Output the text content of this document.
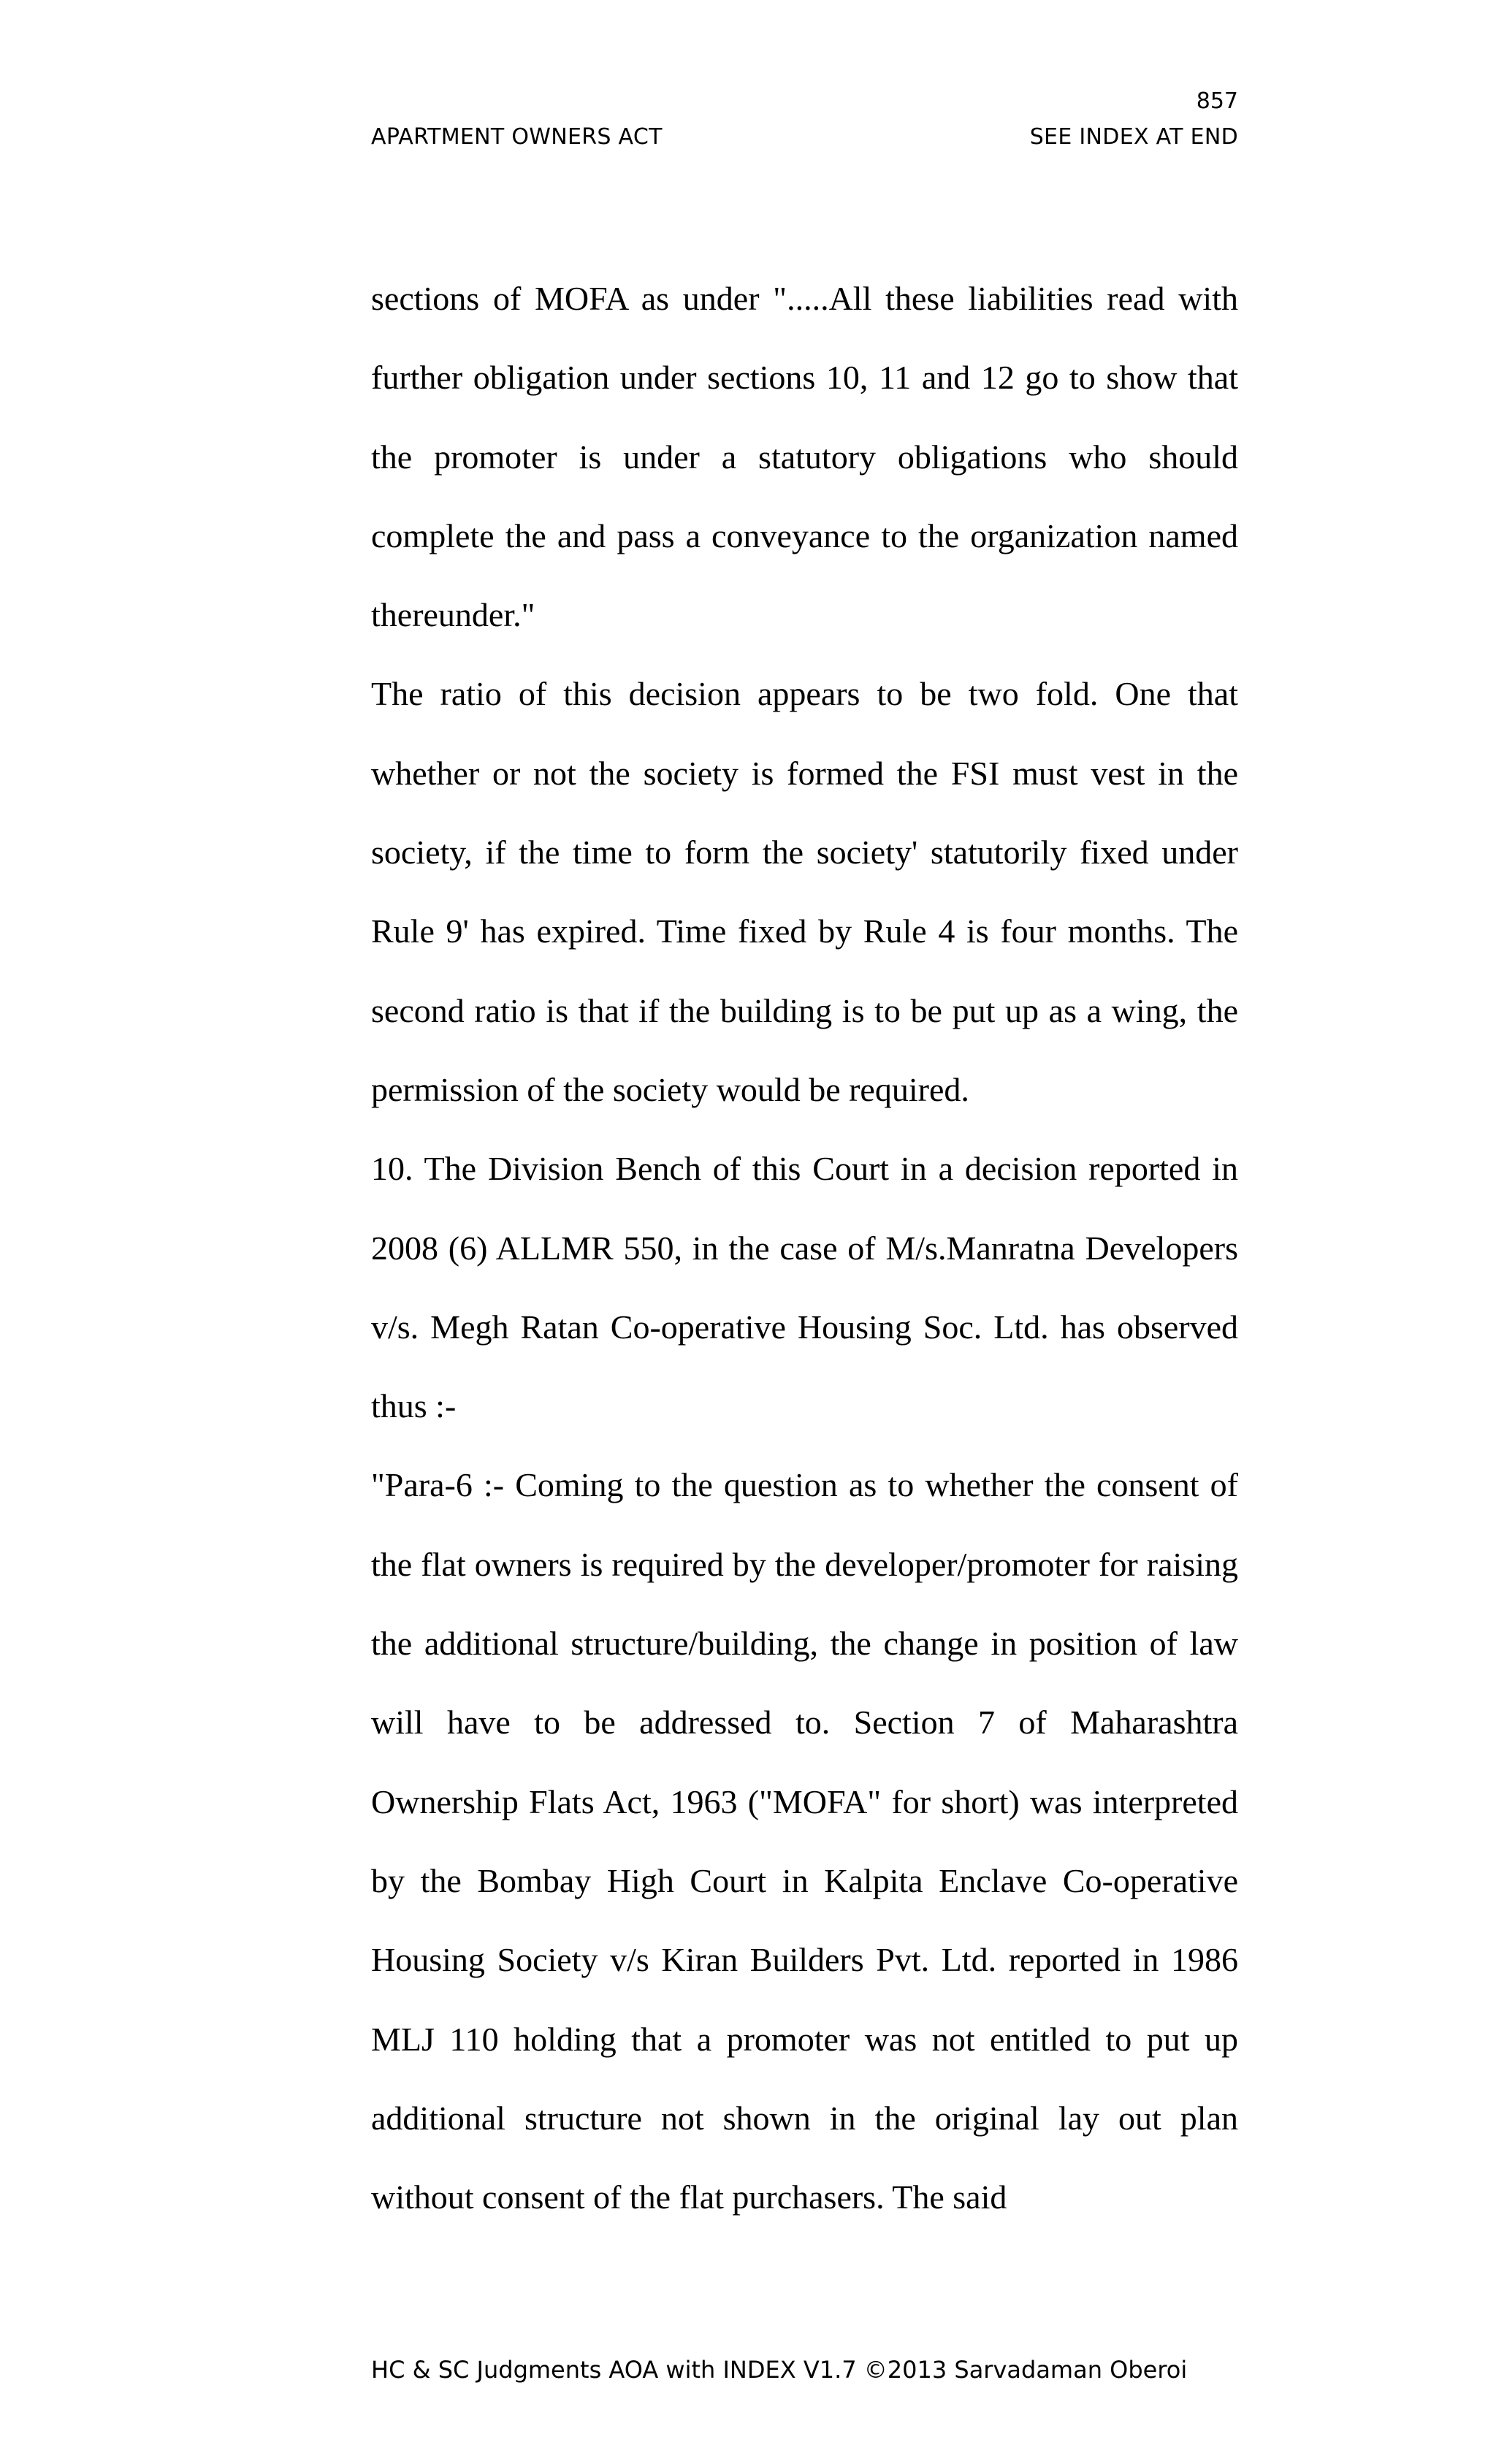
857
APARTMENT OWNERS ACT	SEE INDEX AT END

sections of MOFA as under ".....All these liabilities read with further obligation under sections 10, 11 and 12 go to show that the promoter is under a statutory obligations who should complete the and pass a conveyance to the organization named thereunder."

The ratio of this decision appears to be two fold. One that whether or not the society is formed the FSI must vest in the society, if the time to form the society' statutorily fixed under Rule 9' has expired. Time fixed by Rule 4 is four months. The second ratio is that if the building is to be put up as a wing, the permission of the society would be required.

10. The Division Bench of this Court in a decision reported in 2008 (6) ALLMR 550, in the case of M/s.Manratna Developers v/s. Megh Ratan Co-operative Housing Soc. Ltd. has observed thus :-

"Para-6 :- Coming to the question as to whether the consent of the flat owners is required by the developer/promoter for raising the additional structure/building, the change in position of law will have to be addressed to. Section 7 of Maharashtra Ownership Flats Act, 1963 ("MOFA" for short) was interpreted by the Bombay High Court in Kalpita Enclave Co-operative Housing Society v/s Kiran Builders Pvt. Ltd. reported in 1986 MLJ 110 holding that a promoter was not entitled to put up additional structure not shown in the original lay out plan without consent of the flat purchasers. The said

HC & SC Judgments AOA with INDEX V1.7 ©2013 Sarvadaman Oberoi
